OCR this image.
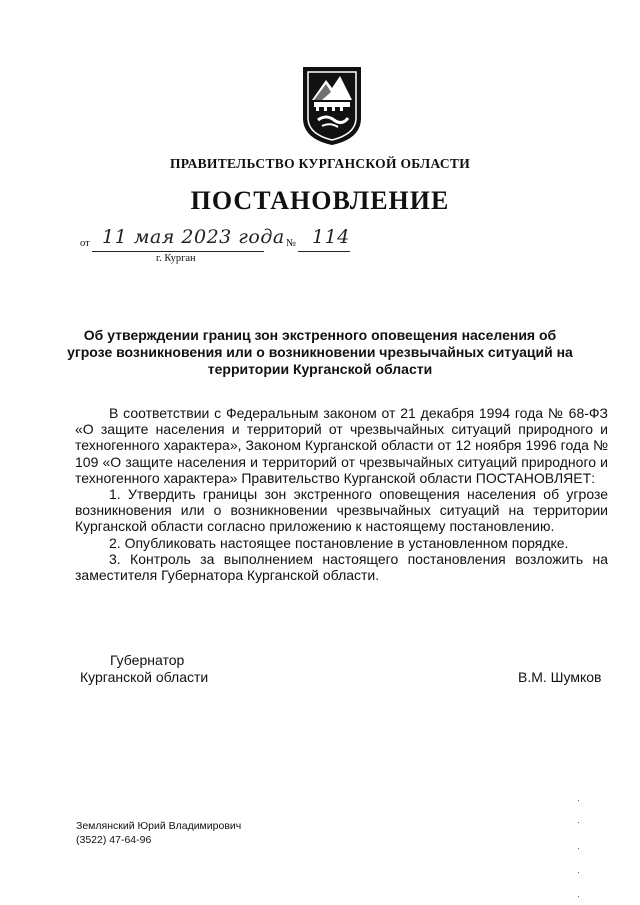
ПРАВИТЕЛЬСТВО КУРГАНСКОЙ ОБЛАСТИ
ПОСТАНОВЛЕНИЕ
от 11 мая 2023 года № 114
г. Курган
Об утверждении границ зон экстренного оповещения населения об угрозе возникновения или о возникновении чрезвычайных ситуаций на территории Курганской области

В соответствии с Федеральным законом от 21 декабря 1994 года № 68-ФЗ «О защите населения и территорий от чрезвычайных ситуаций природного и техногенного характера», Законом Курганской области от 12 ноября 1996 года № 109 «О защите населения и территорий от чрезвычайных ситуаций природного и техногенного характера» Правительство Курганской области ПОСТАНОВЛЯЕТ:

1. Утвердить границы зон экстренного оповещения населения об угрозе возникновения или о возникновении чрезвычайных ситуаций на территории Курганской области согласно приложению к настоящему постановлению.

2. Опубликовать настоящее постановление в установленном порядке.

3. Контроль за выполнением настоящего постановления возложить на заместителя Губернатора Курганской области.

Губернатор
Курганской области	В.М. Шумков
Землянский Юрий Владимирович
(3522) 47-64-96
